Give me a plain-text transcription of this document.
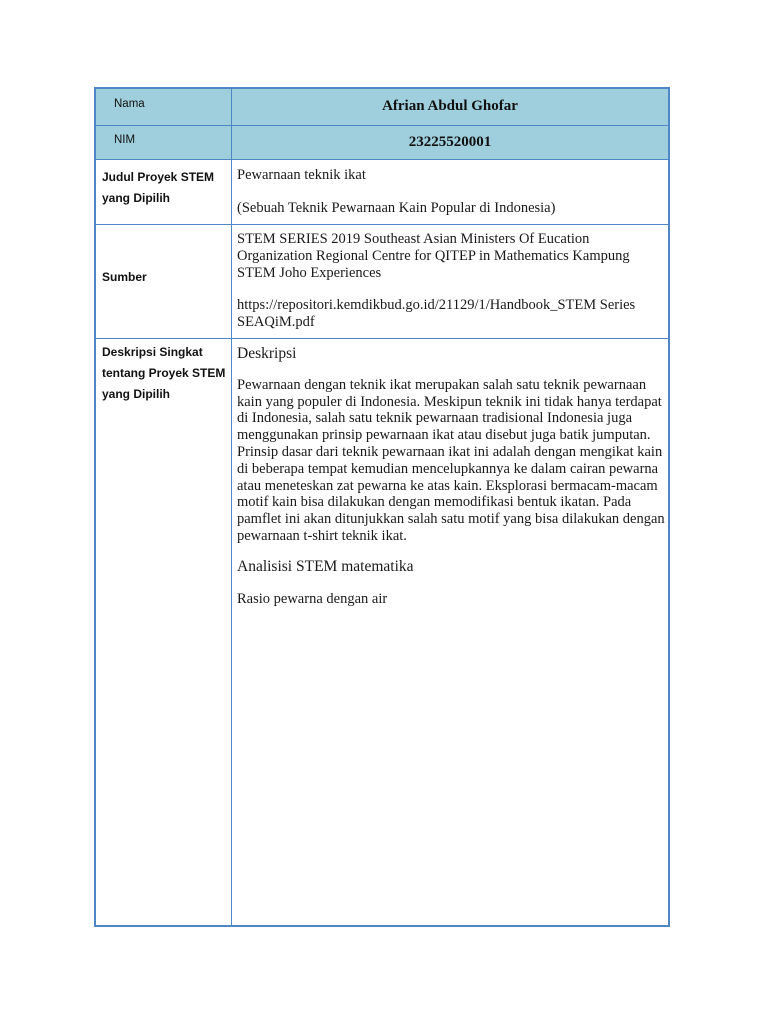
Nama	Afrian Abdul Ghofar
NIM	23225520001
Judul Proyek STEM yang Dipilih

Pewarnaan teknik ikat

(Sebuah Teknik Pewarnaan Kain Popular di Indonesia)

Sumber

STEM SERIES 2019 Southeast Asian Ministers Of Eucation Organization Regional Centre for QITEP in Mathematics Kampung STEM Joho Experiences

https://repositori.kemdikbud.go.id/21129/1/Handbook_STEM Series SEAQiM.pdf

Deskripsi Singkat tentang Proyek STEM yang Dipilih

Deskripsi

Pewarnaan dengan teknik ikat merupakan salah satu teknik pewarnaan kain yang populer di Indonesia. Meskipun teknik ini tidak hanya terdapat di Indonesia, salah satu teknik pewarnaan tradisional Indonesia juga menggunakan prinsip pewarnaan ikat atau disebut juga batik jumputan. Prinsip dasar dari teknik pewarnaan ikat ini adalah dengan mengikat kain di beberapa tempat kemudian mencelupkannya ke dalam cairan pewarna atau meneteskan zat pewarna ke atas kain. Eksplorasi bermacam-macam motif kain bisa dilakukan dengan memodifikasi bentuk ikatan. Pada pamflet ini akan ditunjukkan salah satu motif yang bisa dilakukan dengan pewarnaan t-shirt teknik ikat.

Analisisi STEM matematika

Rasio pewarna dengan air
